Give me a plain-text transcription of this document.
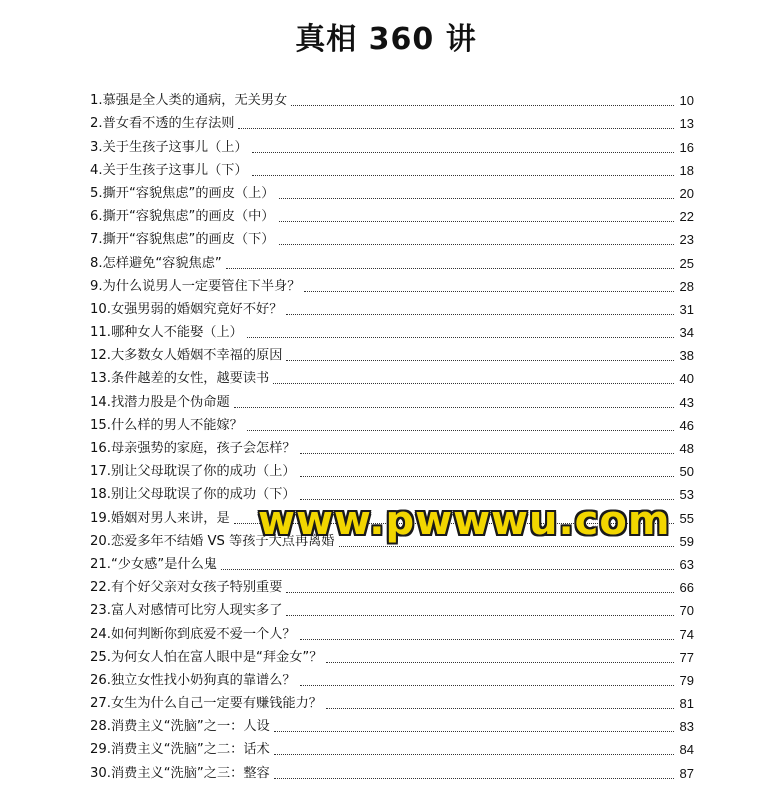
真相 360 讲
1.慕强是全人类的通病，无关男女	10
2.普女看不透的生存法则	13
3.关于生孩子这事儿（上）	16
4.关于生孩子这事儿（下）	18
5.撕开“容貌焦虑”的画皮（上）	20
6.撕开“容貌焦虑”的画皮（中）	22
7.撕开“容貌焦虑”的画皮（下）	23
8.怎样避免“容貌焦虑”	25
9.为什么说男人一定要管住下半身？	28
10.女强男弱的婚姻究竟好不好？	31
11.哪种女人不能娶（上）	34
12.大多数女人婚姻不幸福的原因	38
13.条件越差的女性，越要读书	40
14.找潜力股是个伪命题	43
15.什么样的男人不能嫁？	46
16.母亲强势的家庭，孩子会怎样？	48
17.别让父母耽误了你的成功（上）	50
18.别让父母耽误了你的成功（下）	53
19.婚姻对男人来讲，是	55
20.恋爱多年不结婚 VS 等孩子大点再离婚	59
21.“少女感”是什么鬼	63
22.有个好父亲对女孩子特别重要	66
23.富人对感情可比穷人现实多了	70
24.如何判断你到底爱不爱一个人？	74
25.为何女人怕在富人眼中是“拜金女”？	77
26.独立女性找小奶狗真的靠谱么？	79
27.女生为什么自己一定要有赚钱能力？	81
28.消费主义“洗脑”之一：人设	83
29.消费主义“洗脑”之二：话术	84
30.消费主义“洗脑”之三：整容	87
www.pwwwu.com
